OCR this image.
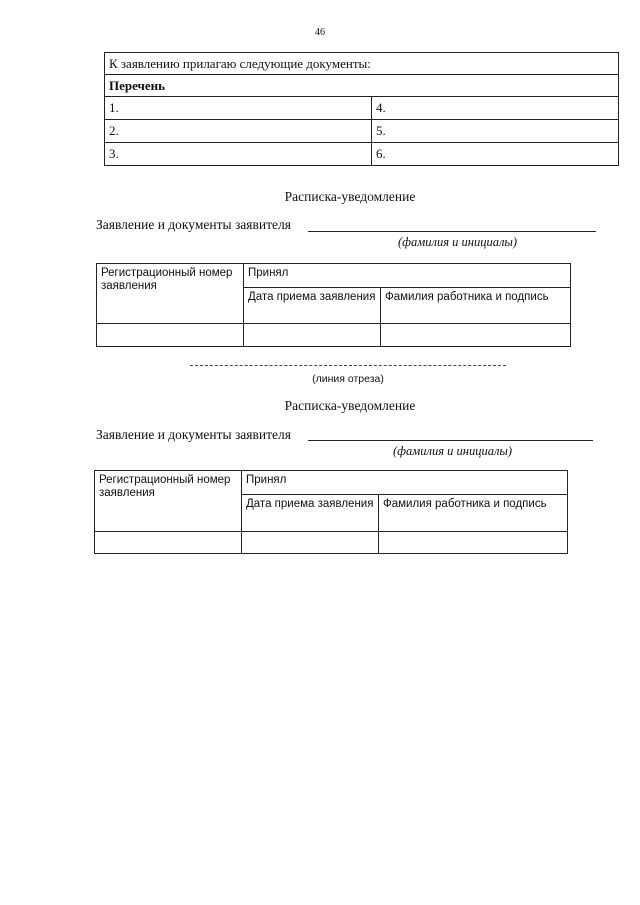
46
К заявлению прилагаю следующие документы:	
Перечень	
1.	4.
2.	5.
3.	6.
Расписка-уведомление
Заявление и документы заявителя
(фамилия и инициалы)
Регистрационный номер заявления	Принял	
	Дата приема заявления	Фамилия работника и подпись

(линия отреза)
Расписка-уведомление
Заявление и документы заявителя
(фамилия и инициалы)
Регистрационный номер заявления	Принял	
	Дата приема заявления	Фамилия работника и подпись
